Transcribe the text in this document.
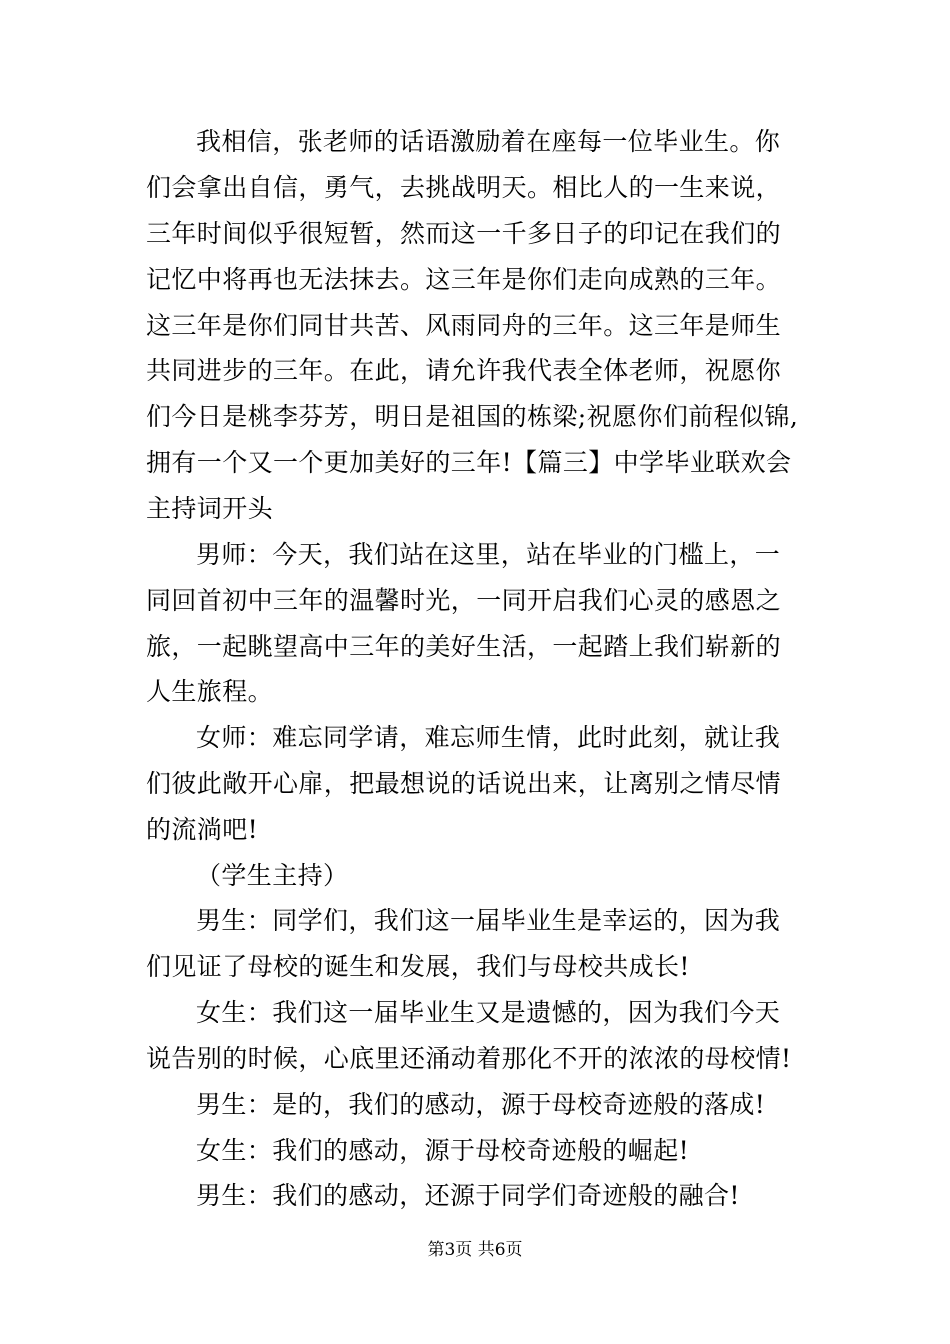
我相信，张老师的话语激励着在座每一位毕业生。你
们会拿出自信，勇气，去挑战明天。相比人的一生来说，
三年时间似乎很短暂，然而这一千多日子的印记在我们的
记忆中将再也无法抹去。这三年是你们走向成熟的三年。
这三年是你们同甘共苦、风雨同舟的三年。这三年是师生
共同进步的三年。在此，请允许我代表全体老师，祝愿你
们今日是桃李芬芳，明日是祖国的栋梁;祝愿你们前程似锦,
拥有一个又一个更加美好的三年!【篇三】中学毕业联欢会
主持词开头
男师：今天，我们站在这里，站在毕业的门槛上，一
同回首初中三年的温馨时光，一同开启我们心灵的感恩之
旅，一起眺望高中三年的美好生活，一起踏上我们崭新的
人生旅程。
女师：难忘同学请，难忘师生情，此时此刻，就让我
们彼此敞开心扉，把最想说的话说出来，让离别之情尽情
的流淌吧!
（学生主持）
男生：同学们，我们这一届毕业生是幸运的，因为我
们见证了母校的诞生和发展，我们与母校共成长!
女生：我们这一届毕业生又是遗憾的，因为我们今天
说告别的时候，心底里还涌动着那化不开的浓浓的母校情!
男生：是的，我们的感动，源于母校奇迹般的落成!
女生：我们的感动，源于母校奇迹般的崛起!
男生：我们的感动，还源于同学们奇迹般的融合!
第3页 共6页
